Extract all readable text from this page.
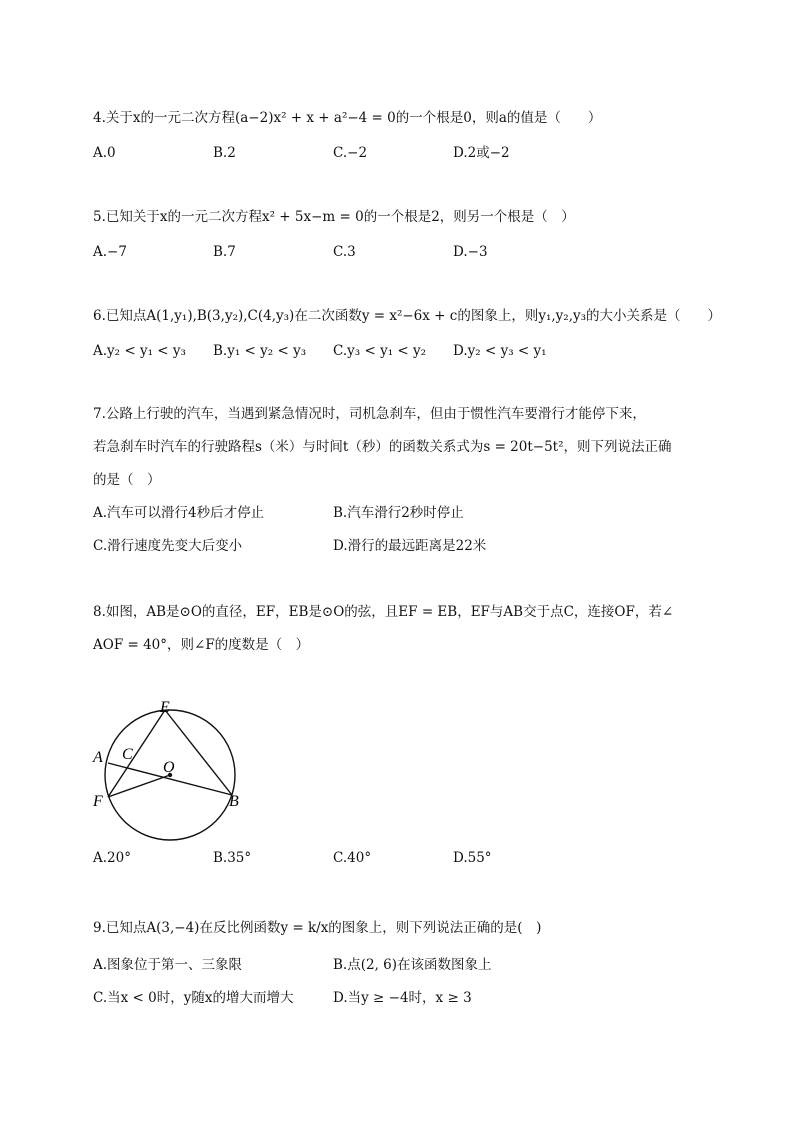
4.关于x的一元二次方程(a−2)x² + x + a²−4 = 0的一个根是0，则a的值是（　　）
A.0	B.2	C.−2	D.2或−2
5.已知关于x的一元二次方程x² + 5x−m = 0的一个根是2，则另一个根是（　）
A.−7	B.7	C.3	D.−3
6.已知点A(1,y₁),B(3,y₂),C(4,y₃)在二次函数y = x²−6x + c的图象上，则y₁,y₂,y₃的大小关系是（　　）
A.y₂ < y₁ < y₃ B.y₁ < y₂ < y₃ C.y₃ < y₁ < y₂ D.y₂ < y₃ < y₁
7.公路上行驶的汽车，当遇到紧急情况时，司机急刹车，但由于惯性汽车要滑行才能停下来，
若急刹车时汽车的行驶路程s（米）与时间t（秒）的函数关系式为s = 20t−5t²，则下列说法正确
的是（　）
A.汽车可以滑行4秒后才停止	B.汽车滑行2秒时停止
C.滑行速度先变大后变小	D.滑行的最远距离是22米
8.如图，AB是⊙O的直径，EF，EB是⊙O的弦，且EF = EB，EF与AB交于点C，连接OF，若∠
AOF = 40°，则∠F的度数是（　）
E
A C
O
F	B
A.20°	B.35°	C.40°	D.55°
9.已知点A(3,−4)在反比例函数y = k/x的图象上，则下列说法正确的是(　)
A.图象位于第一、三象限	B.点(2, 6)在该函数图象上
C.当x < 0时，y随x的增大而增大	D.当y ≥ −4时，x ≥ 3
